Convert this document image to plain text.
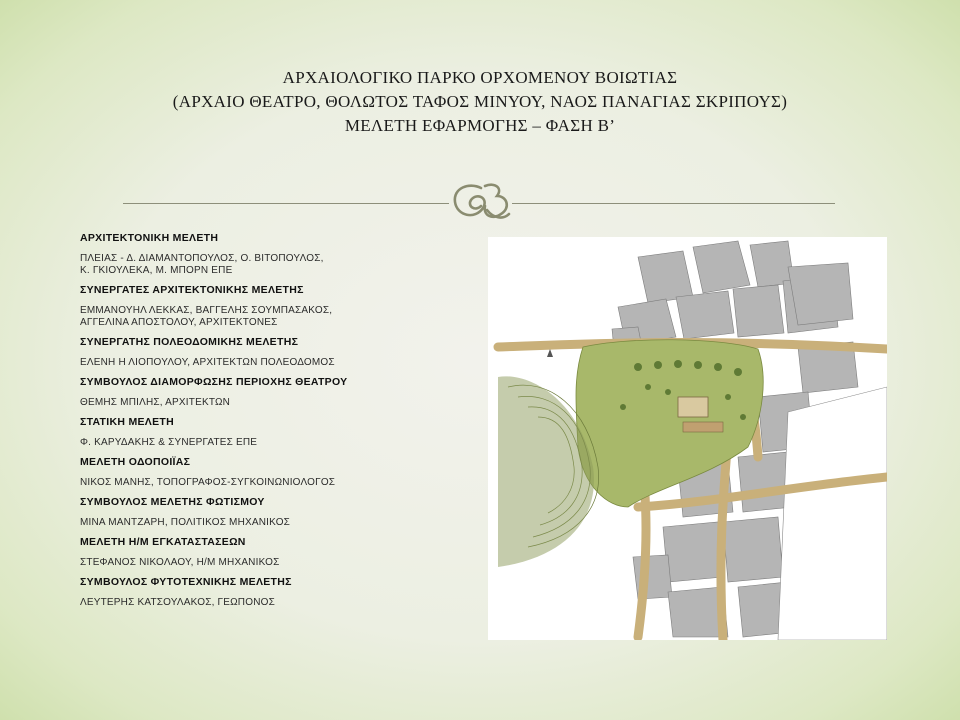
ΑΡΧΑΙΟΛΟΓΙΚΟ ΠΑΡΚΟ ΟΡΧΟΜΕΝΟΥ ΒΟΙΩΤΙΑΣ
(ΑΡΧΑΙΟ ΘΕΑΤΡΟ, ΘΟΛΩΤΟΣ ΤΑΦΟΣ ΜΙΝΥΟΥ, ΝΑΟΣ ΠΑΝΑΓΙΑΣ ΣΚΡΙΠΟΥΣ)
ΜΕΛΕΤΗ ΕΦΑΡΜΟΓΗΣ – ΦΑΣΗ Β’
ΑΡΧΙΤΕΚΤΟΝΙΚΗ ΜΕΛΕΤΗ
ΠΛΕΙΑΣ - Δ. ΔΙΑΜΑΝΤΟΠΟΥΛΟΣ, Ο. ΒΙΤΟΠΟΥΛΟΣ,
Κ. ΓΚΙΟΥΛΕΚΑ, Μ. ΜΠΟΡΝ ΕΠΕ
ΣΥΝΕΡΓΑΤΕΣ ΑΡΧΙΤΕΚΤΟΝΙΚΗΣ ΜΕΛΕΤΗΣ
ΕΜΜΑΝΟΥΗΛ ΛΕΚΚΑΣ, ΒΑΓΓΕΛΗΣ ΣΟΥΜΠΑΣΑΚΟΣ,
ΑΓΓΕΛΙΝΑ ΑΠΟΣΤΟΛΟΥ, ΑΡΧΙΤΕΚΤΟΝΕΣ
ΣΥΝΕΡΓΑΤΗΣ ΠΟΛΕΟΔΟΜΙΚΗΣ ΜΕΛΕΤΗΣ
ΕΛΕΝΗ Η ΛΙΟΠΟΥΛΟΥ, ΑΡΧΙΤΕΚΤΩΝ ΠΟΛΕΟΔΟΜΟΣ
ΣΥΜΒΟΥΛΟΣ ΔΙΑΜΟΡΦΩΣΗΣ ΠΕΡΙΟΧΗΣ ΘΕΑΤΡΟΥ
ΘΕΜΗΣ ΜΠΙΛΗΣ, ΑΡΧΙΤΕΚΤΩΝ
ΣΤΑΤΙΚΗ ΜΕΛΕΤΗ
Φ. ΚΑΡΥΔΑΚΗΣ & ΣΥΝΕΡΓΑΤΕΣ ΕΠΕ
ΜΕΛΕΤΗ ΟΔΟΠΟΙΪΑΣ
ΝΙΚΟΣ ΜΑΝΗΣ, ΤΟΠΟΓΡΑΦΟΣ-ΣΥΓΚΟΙΝΩΝΙΟΛΟΓΟΣ
ΣΥΜΒΟΥΛΟΣ ΜΕΛΕΤΗΣ ΦΩΤΙΣΜΟΥ
ΜΙΝΑ ΜΑΝΤΖΑΡΗ, ΠΟΛΙΤΙΚΟΣ ΜΗΧΑΝΙΚΟΣ
ΜΕΛΕΤΗ Η/Μ ΕΓΚΑΤΑΣΤΑΣΕΩΝ
ΣΤΕΦΑΝΟΣ ΝΙΚΟΛΑΟΥ, Η/Μ ΜΗΧΑΝΙΚΟΣ
ΣΥΜΒΟΥΛΟΣ ΦΥΤΟΤΕΧΝΙΚΗΣ ΜΕΛΕΤΗΣ
ΛΕΥΤΕΡΗΣ ΚΑΤΣΟΥΛΑΚΟΣ, ΓΕΩΠΟΝΟΣ
